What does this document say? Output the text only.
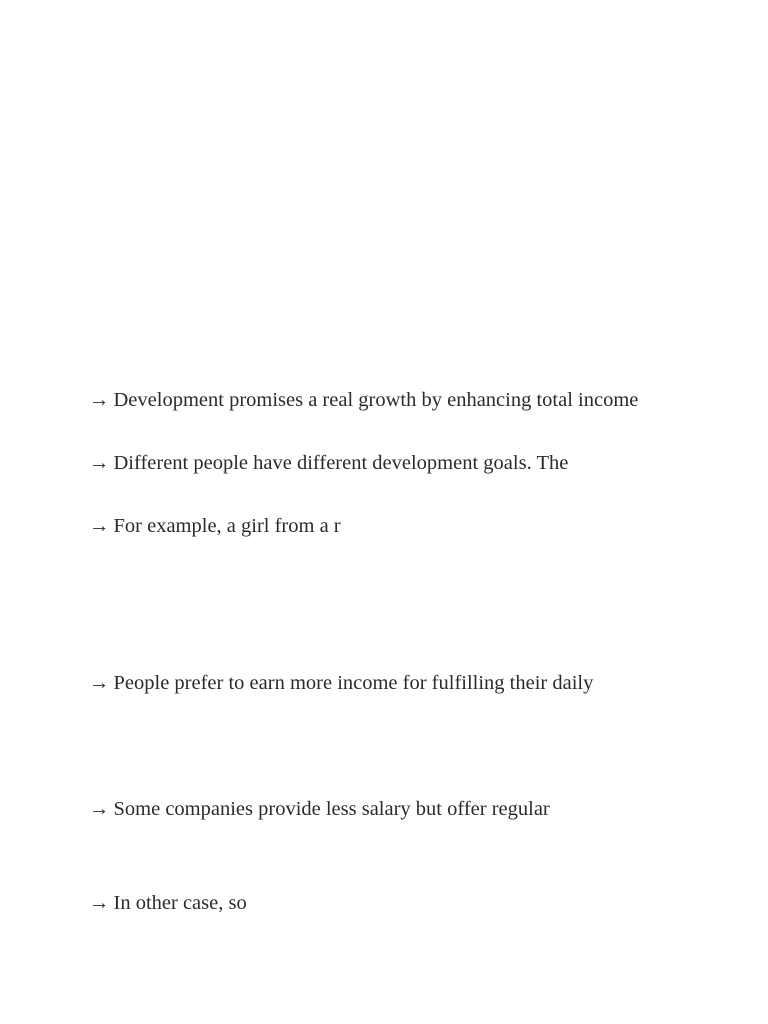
→ Development promises a real growth by enhancing total income
→ Different people have different development goals. The
→ For example, a girl from a r
→ People prefer to earn more income for fulfilling their daily
→ Some companies provide less salary but offer regular
→ In other case, so
